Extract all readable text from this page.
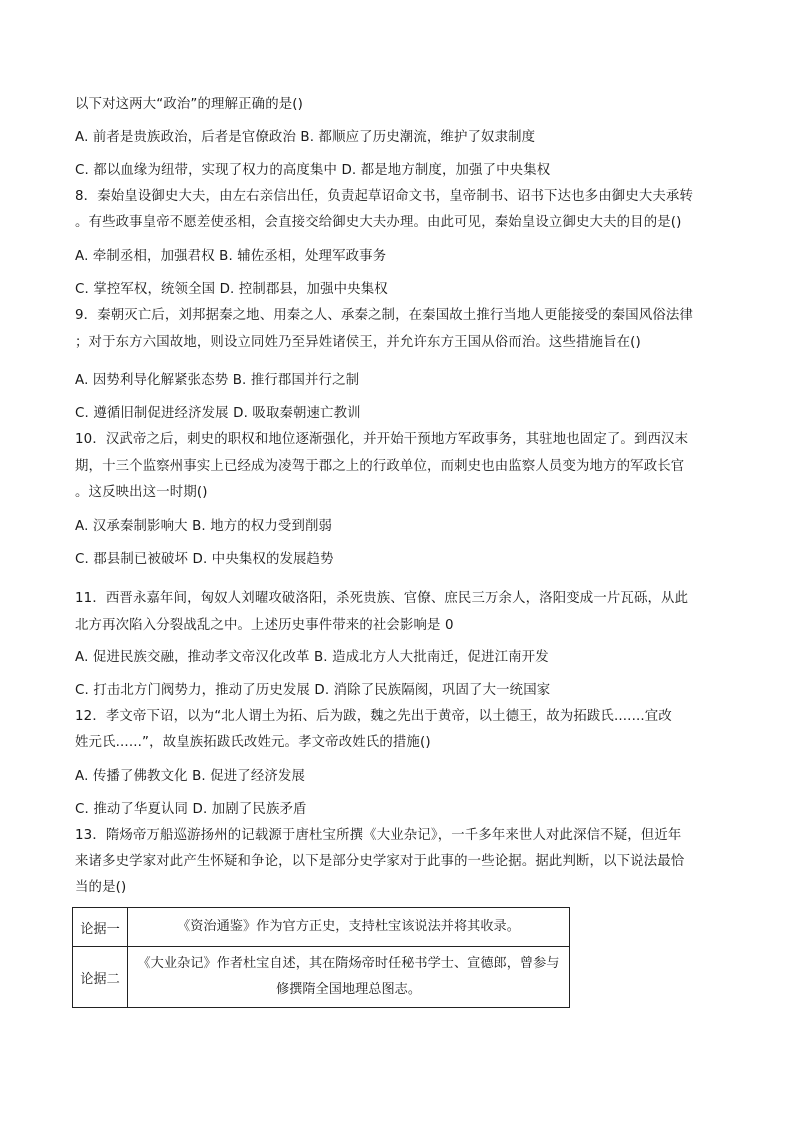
以下对这两大“政治”的理解正确的是()
A. 前者是贵族政治，后者是官僚政治 B. 都顺应了历史潮流，维护了奴隶制度
C. 都以血缘为纽带，实现了权力的高度集中 D. 都是地方制度，加强了中央集权
8．秦始皇设御史大夫，由左右亲信出任，负责起草诏命文书，皇帝制书、诏书下达也多由御史大夫承转
。有些政事皇帝不愿差使丞相，会直接交给御史大夫办理。由此可见，秦始皇设立御史大夫的目的是()
A. 牵制丞相，加强君权 B. 辅佐丞相，处理军政事务
C. 掌控军权，统领全国 D. 控制郡县，加强中央集权
9．秦朝灭亡后，刘邦据秦之地、用秦之人、承秦之制，在秦国故土推行当地人更能接受的秦国风俗法律
；对于东方六国故地，则设立同姓乃至异姓诸侯王，并允许东方王国从俗而治。这些措施旨在()
A. 因势利导化解紧张态势 B. 推行郡国并行之制
C. 遵循旧制促进经济发展 D. 吸取秦朝速亡教训
10．汉武帝之后，刺史的职权和地位逐渐强化，并开始干预地方军政事务，其驻地也固定了。到西汉末
期，十三个监察州事实上已经成为凌驾于郡之上的行政单位，而刺史也由监察人员变为地方的军政长官
。这反映出这一时期()
A. 汉承秦制影响大 B. 地方的权力受到削弱
C. 郡县制已被破坏 D. 中央集权的发展趋势
11．西晋永嘉年间，匈奴人刘曜攻破洛阳，杀死贵族、官僚、庶民三万余人，洛阳变成一片瓦砾，从此
北方再次陷入分裂战乱之中。上述历史事件带来的社会影响是 0
A. 促进民族交融，推动孝文帝汉化改革 B. 造成北方人大批南迁，促进江南开发
C. 打击北方门阀势力，推动了历史发展 D. 消除了民族隔阂，巩固了大一统国家
12．孝文帝下诏，以为“北人谓土为拓、后为跋，魏之先出于黄帝，以土德王，故为拓跋氏.......宜改
姓元氏......”，故皇族拓跋氏改姓元。孝文帝改姓氏的措施()
A. 传播了佛教文化 B. 促进了经济发展
C. 推动了华夏认同 D. 加剧了民族矛盾
13．隋炀帝万船巡游扬州的记载源于唐杜宝所撰《大业杂记》，一千多年来世人对此深信不疑，但近年
来诸多史学家对此产生怀疑和争论，以下是部分史学家对于此事的一些论据。据此判断，以下说法最恰
当的是()
论据一	《资治通鉴》作为官方正史，支持杜宝该说法并将其收录。
论据二	《大业杂记》作者杜宝自述，其在隋炀帝时任秘书学士、宣德郎，曾参与修撰隋全国地理总图志。
